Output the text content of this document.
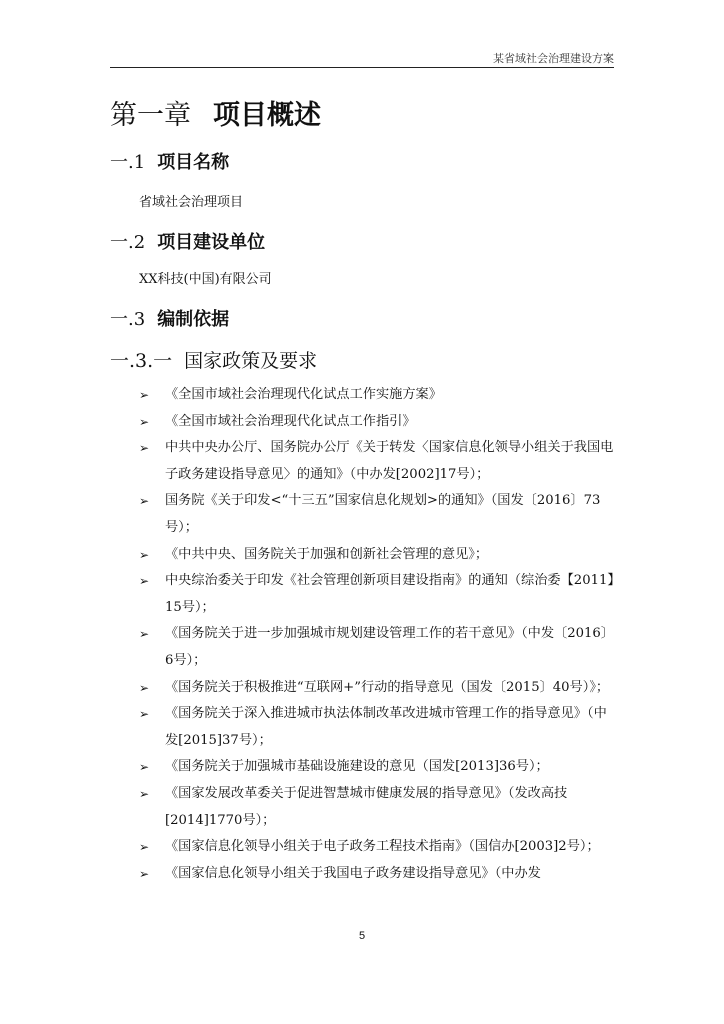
某省域社会治理建设方案
第一章 项目概述
一.1 项目名称
省域社会治理项目
一.2 项目建设单位
XX科技(中国)有限公司
一.3 编制依据
一.3.一 国家政策及要求
➢ 《全国市域社会治理现代化试点工作实施方案》
➢ 《全国市域社会治理现代化试点工作指引》
➢ 中共中央办公厅、国务院办公厅《关于转发〈国家信息化领导小组关于我国电子政务建设指导意见〉的通知》（中办发[2002]17号）；
➢ 国务院《关于印发<“十三五”国家信息化规划>的通知》（国发〔2016〕73号）；
➢ 《中共中央、国务院关于加强和创新社会管理的意见》；
➢ 中央综治委关于印发《社会管理创新项目建设指南》的通知（综治委【2011】15号）；
➢ 《国务院关于进一步加强城市规划建设管理工作的若干意见》（中发〔2016〕6号）；
➢ 《国务院关于积极推进“互联网+”行动的指导意见（国发〔2015〕40号）》；
➢ 《国务院关于深入推进城市执法体制改革改进城市管理工作的指导意见》（中发[2015]37号）；
➢ 《国务院关于加强城市基础设施建设的意见（国发[2013]36号）；
➢ 《国家发展改革委关于促进智慧城市健康发展的指导意见》（发改高技[2014]1770号）；
➢ 《国家信息化领导小组关于电子政务工程技术指南》（国信办[2003]2号）；
➢ 《国家信息化领导小组关于我国电子政务建设指导意见》（中办发
5
